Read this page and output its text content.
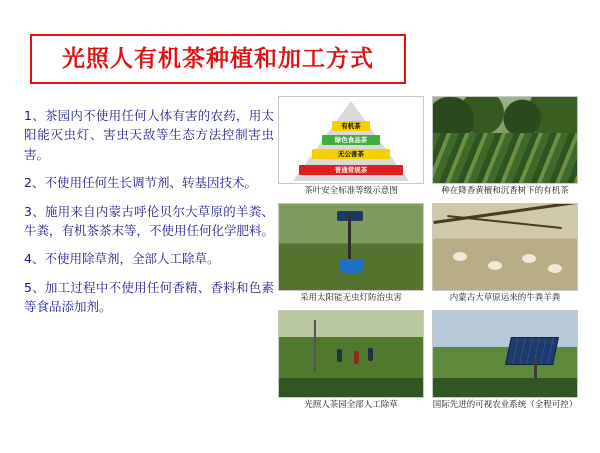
光照人有机茶种植和加工方式
1、茶园内不使用任何人体有害的农药，用太阳能灭虫灯、害虫天敌等生态方法控制害虫害。
2、不使用任何生长调节剂、转基因技术。
3、施用来自内蒙古呼伦贝尔大草原的羊粪、牛粪，有机茶茶末等，不使用任何化学肥料。
4、不使用除草剂，全部人工除草。
5、加工过程中不使用任何香精、香料和色素等食品添加剂。
有机茶
绿色食品茶
无公害茶
普通常规茶
茶叶安全标准等级示意图	种在降香黄檀和沉香树下的有机茶
采用太阳能无虫灯防治虫害	内蒙古大草原运来的牛粪羊粪
光照人茶园全部人工除草	国际先进的可视农业系统（全程可控）
